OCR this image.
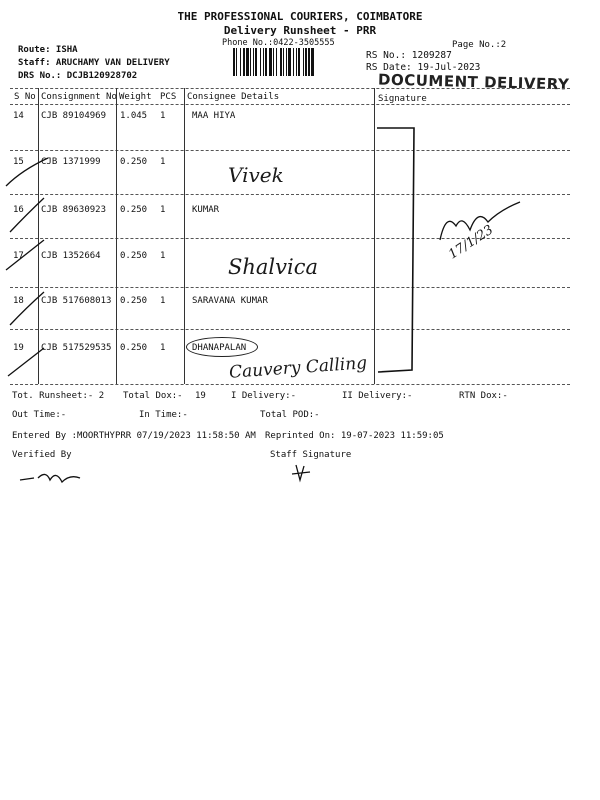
THE PROFESSIONAL COURIERS, COIMBATORE
Delivery Runsheet - PRR
Phone No.:0422-3505555	Page No.:2
Route: ISHA
Staff: ARUCHAMY VAN DELIVERY
DRS No.: DCJB120928702
RS No.: 1209287
RS Date: 19-Jul-2023
DOCUMENT DELIVERY
S No Consignment No Weight PCS Consignee Details	Signature
14 CJB 89104969 1.045 1	MAA HIYA
15 CJB 1371999 0.250 1
16 CJB 89630923 0.250 1	KUMAR
17 CJB 1352664 0.250 1
18 CJB 517608013 0.250 1	SARAVANA KUMAR
19 CJB 517529535 0.250 1	DHANAPALAN
Vivek
Shalvica
Cauvery Calling
17/1/23
Tot. Runsheet:- 2 Total Dox:- 19	I Delivery:-	II Delivery:-	RTN Dox:-
Out Time:-	In Time:-	Total POD:-
Entered By :MOORTHYPRR 07/19/2023 11:58:50 AM Reprinted On: 19-07-2023 11:59:05
Verified By	Staff Signature
